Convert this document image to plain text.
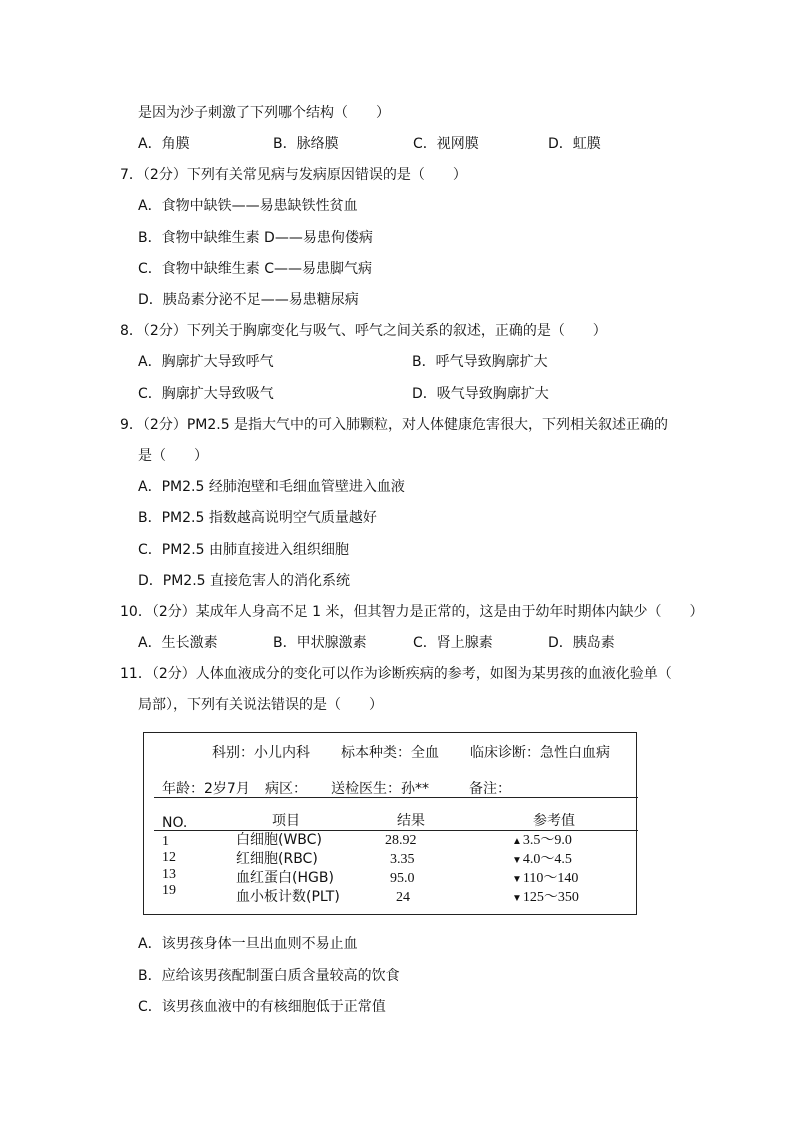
是因为沙子刺激了下列哪个结构（　　）
A．角膜	B．脉络膜	C．视网膜	D．虹膜
7．（2分）下列有关常见病与发病原因错误的是（　　）
A．食物中缺铁——易患缺铁性贫血
B．食物中缺维生素 D——易患佝偻病
C．食物中缺维生素 C——易患脚气病
D．胰岛素分泌不足——易患糖尿病
8．（2分）下列关于胸廓变化与吸气、呼气之间关系的叙述，正确的是（　　）
A．胸廓扩大导致呼气	B．呼气导致胸廓扩大
C．胸廓扩大导致吸气	D．吸气导致胸廓扩大
9．（2分）PM2.5 是指大气中的可入肺颗粒，对人体健康危害很大，下列相关叙述正确的
是（　　）
A．PM2.5 经肺泡壁和毛细血管壁进入血液
B．PM2.5 指数越高说明空气质量越好
C．PM2.5 由肺直接进入组织细胞
D．PM2.5 直接危害人的消化系统
10．（2分）某成年人身高不足 1 米，但其智力是正常的，这是由于幼年时期体内缺少（　　）
A．生长激素	B．甲状腺激素	C．肾上腺素	D．胰岛素
11．（2分）人体血液成分的变化可以作为诊断疾病的参考，如图为某男孩的血液化验单（
局部），下列有关说法错误的是（　　）
科别：小儿内科 标本种类：全血 临床诊断：急性白血病
年龄：2岁7月 病区： 送检医生：孙**	备注：
NO.	项目	结果	参考值
1	白细胞(WBC)	28.92	▲3.5～9.0
12	红细胞(RBC)	3.35	▼4.0～4.5
13	血红蛋白(HGB)	95.0	▼110～140
19	血小板计数(PLT)	24	▼125～350
A．该男孩身体一旦出血则不易止血
B．应给该男孩配制蛋白质含量较高的饮食
C．该男孩血液中的有核细胞低于正常值
